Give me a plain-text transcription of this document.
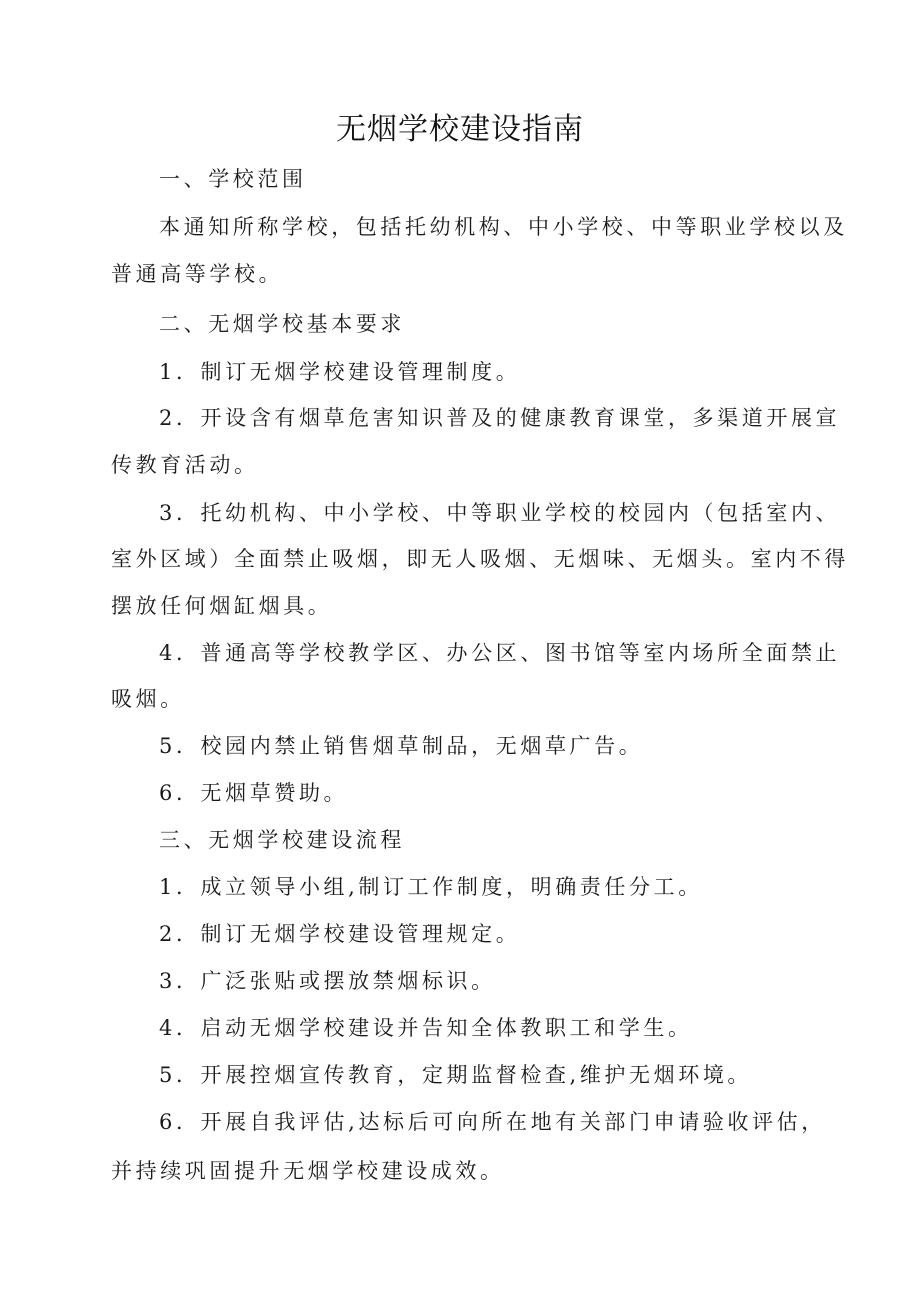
无烟学校建设指南
一、学校范围
本通知所称学校，包括托幼机构、中小学校、中等职业学校以及
普通高等学校。
二、无烟学校基本要求
1．制订无烟学校建设管理制度。
2．开设含有烟草危害知识普及的健康教育课堂，多渠道开展宣
传教育活动。
3．托幼机构、中小学校、中等职业学校的校园内（包括室内、
室外区域）全面禁止吸烟，即无人吸烟、无烟味、无烟头。室内不得
摆放任何烟缸烟具。
4．普通高等学校教学区、办公区、图书馆等室内场所全面禁止
吸烟。
5．校园内禁止销售烟草制品，无烟草广告。
6．无烟草赞助。
三、无烟学校建设流程
1．成立领导小组,制订工作制度，明确责任分工。
2．制订无烟学校建设管理规定。
3．广泛张贴或摆放禁烟标识。
4．启动无烟学校建设并告知全体教职工和学生。
5．开展控烟宣传教育，定期监督检查,维护无烟环境。
6．开展自我评估,达标后可向所在地有关部门申请验收评估，
并持续巩固提升无烟学校建设成效。
